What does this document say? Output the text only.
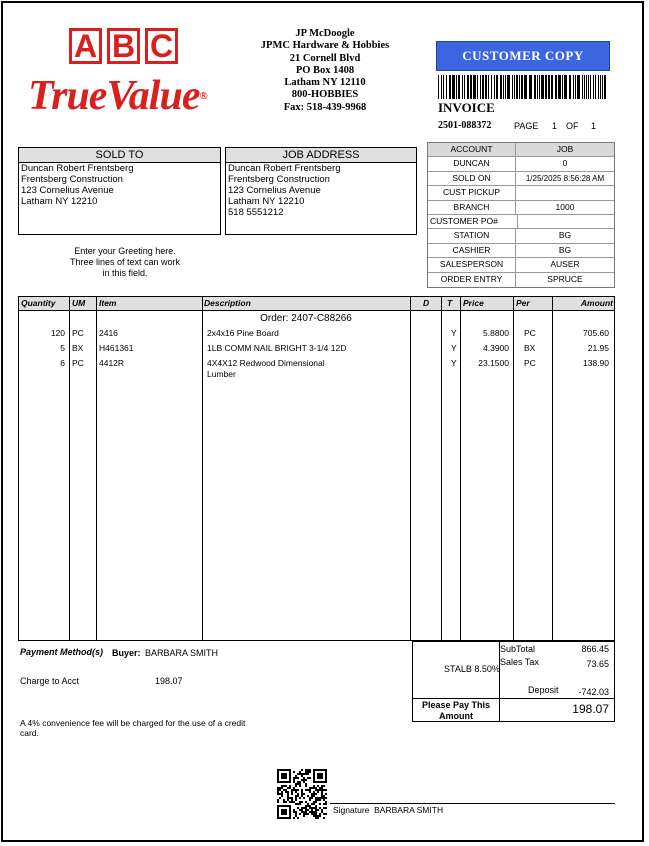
A B C
TrueValue®
JP McDoogle
JPMC Hardware & Hobbies
21 Cornell Blvd
PO Box 1408
Latham NY 12110
800-HOBBIES
Fax: 518-439-9968
CUSTOMER COPY
INVOICE
2501-088372	PAGE 1 OF 1
SOLD TO
Duncan Robert Frentsberg
Frentsberg Construction
123 Cornelius Avenue
Latham NY 12210
JOB ADDRESS
Duncan Robert Frentsberg
Frentsberg Construction
123 Cornelius Avenue
Latham NY 12210
518 5551212
Enter your Greeting here.
Three lines of text can work
in this field.
ACCOUNT	JOB
DUNCAN	0
SOLD ON	1/25/2025 8:56:28 AM
CUST PICKUP
BRANCH	1000
CUSTOMER PO#
STATION	BG
CASHIER	BG
SALESPERSON	AUSER
ORDER ENTRY	SPRUCE
Quantity UM Item	Description	D T Price	Per	Amount
Order: 2407-C88266
120 PC 2416	2x4x16 Pine Board	Y	5.8800 PC	705.60
5 BX H461361	1LB COMM NAIL BRIGHT 3-1/4 12D	Y	4.3900 BX	21.95
6 PC 4412R	4X4X12 Redwood Dimensional
Lumber
Y	23.1500 PC	138.90
Payment Method(s) Buyer: BARBARA SMITH
Charge to Acct	198.07
A 4% convenience fee will be charged for the use of a credit
card.
STALB 8.50%
SubTotal	866.45
Sales Tax	73.65
Deposit	-742.03
Please Pay This
Amount	198.07
Signature BARBARA SMITH
